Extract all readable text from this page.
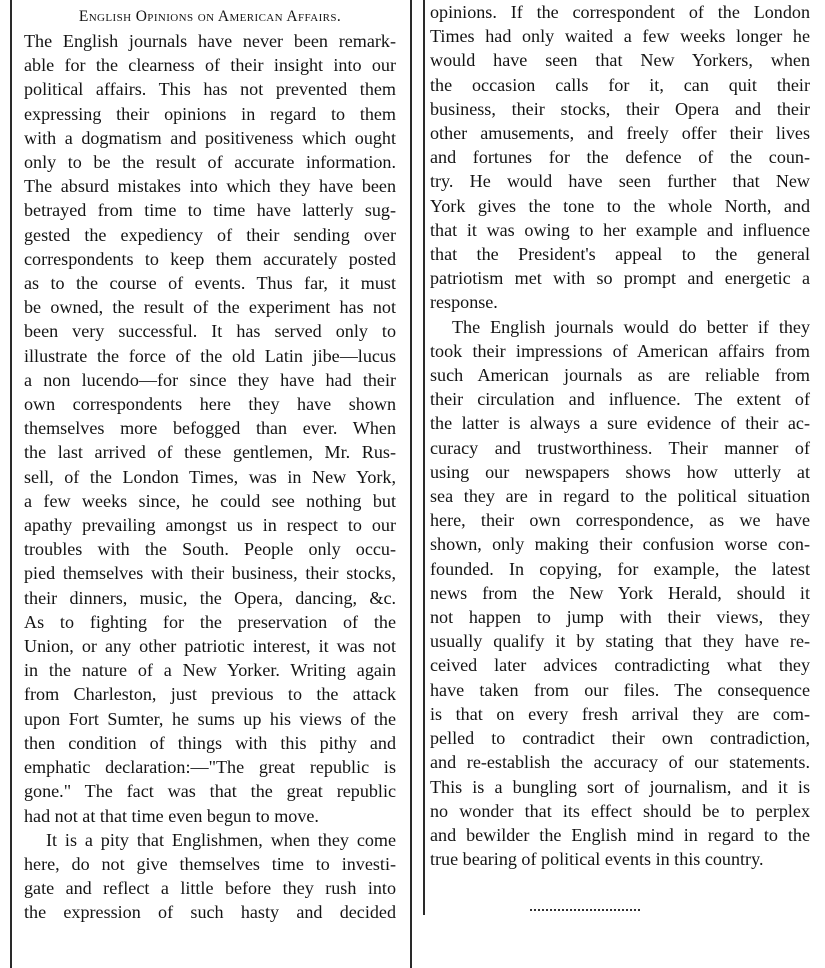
English Opinions on American Affairs.
The English journals have never been remark-
able for the clearness of their insight into our
political affairs. This has not prevented them
expressing their opinions in regard to them
with a dogmatism and positiveness which ought
only to be the result of accurate information.
The absurd mistakes into which they have been
betrayed from time to time have latterly sug-
gested the expediency of their sending over
correspondents to keep them accurately posted
as to the course of events. Thus far, it must
be owned, the result of the experiment has not
been very successful. It has served only to
illustrate the force of the old Latin jibe—lucus
a non lucendo—for since they have had their
own correspondents here they have shown
themselves more befogged than ever. When
the last arrived of these gentlemen, Mr. Rus-
sell, of the London Times, was in New York,
a few weeks since, he could see nothing but
apathy prevailing amongst us in respect to our
troubles with the South. People only occu-
pied themselves with their business, their stocks,
their dinners, music, the Opera, dancing, &c.
As to fighting for the preservation of the
Union, or any other patriotic interest, it was not
in the nature of a New Yorker. Writing again
from Charleston, just previous to the attack
upon Fort Sumter, he sums up his views of the
then condition of things with this pithy and
emphatic declaration:—"The great republic is
gone." The fact was that the great republic
had not at that time even begun to move.
It is a pity that Englishmen, when they come
here, do not give themselves time to investi-
gate and reflect a little before they rush into
the expression of such hasty and decided
opinions. If the correspondent of the London
Times had only waited a few weeks longer he
would have seen that New Yorkers, when
the occasion calls for it, can quit their
business, their stocks, their Opera and their
other amusements, and freely offer their lives
and fortunes for the defence of the coun-
try. He would have seen further that New
York gives the tone to the whole North, and
that it was owing to her example and influence
that the President's appeal to the general
patriotism met with so prompt and energetic a
response.
The English journals would do better if they
took their impressions of American affairs from
such American journals as are reliable from
their circulation and influence. The extent of
the latter is always a sure evidence of their ac-
curacy and trustworthiness. Their manner of
using our newspapers shows how utterly at
sea they are in regard to the political situation
here, their own correspondence, as we have
shown, only making their confusion worse con-
founded. In copying, for example, the latest
news from the New York Herald, should it
not happen to jump with their views, they
usually qualify it by stating that they have re-
ceived later advices contradicting what they
have taken from our files. The consequence
is that on every fresh arrival they are com-
pelled to contradict their own contradiction,
and re-establish the accuracy of our statements.
This is a bungling sort of journalism, and it is
no wonder that its effect should be to perplex
and bewilder the English mind in regard to the
true bearing of political events in this country.
